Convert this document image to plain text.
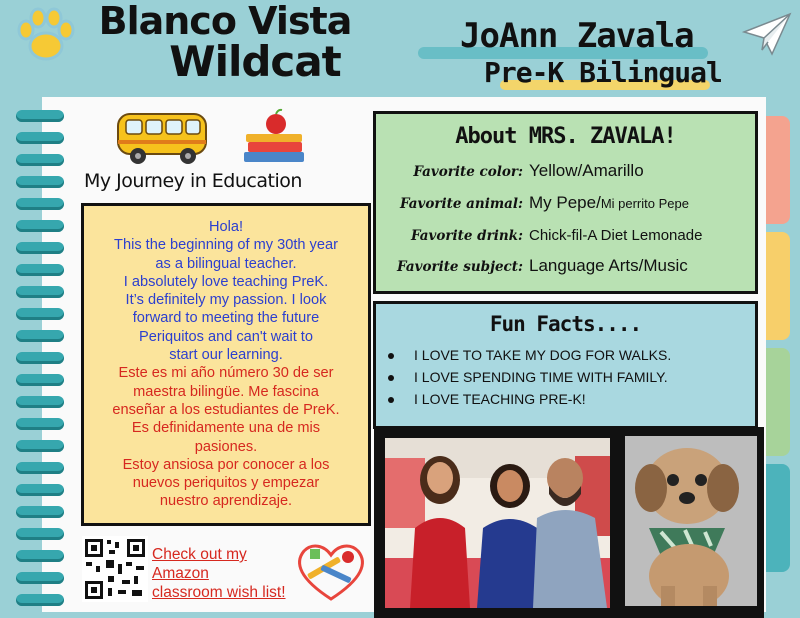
Blanco Vista
Wildcat
JoAnn Zavala
Pre-K Bilingual
My Journey in Education
Hola!
This the beginning of my 30th year
as a bilingual teacher.
I absolutely love teaching PreK.
It’s definitely my passion. I look
forward to meeting the future
Periquitos and can't wait to
start our learning.
Este es mi año número 30 de ser
maestra bilingüe. Me fascina
enseñar a los estudiantes de PreK.
Es definidamente una de mis
pasiones.
Estoy ansiosa por conocer a los
nuevos periquitos y empezar
nuestro aprendizaje.
Check out my
Amazon
classroom wish list!
About MRS. ZAVALA!
Favorite color: Yellow/Amarillo
Favorite animal: My Pepe/Mi perrito Pepe
Favorite drink: Chick-fil-A Diet Lemonade
Favorite subject: Language Arts/Music
Fun Facts....
I LOVE TO TAKE MY DOG FOR WALKS.
I LOVE SPENDING TIME WITH FAMILY.
I LOVE TEACHING PRE-K!
